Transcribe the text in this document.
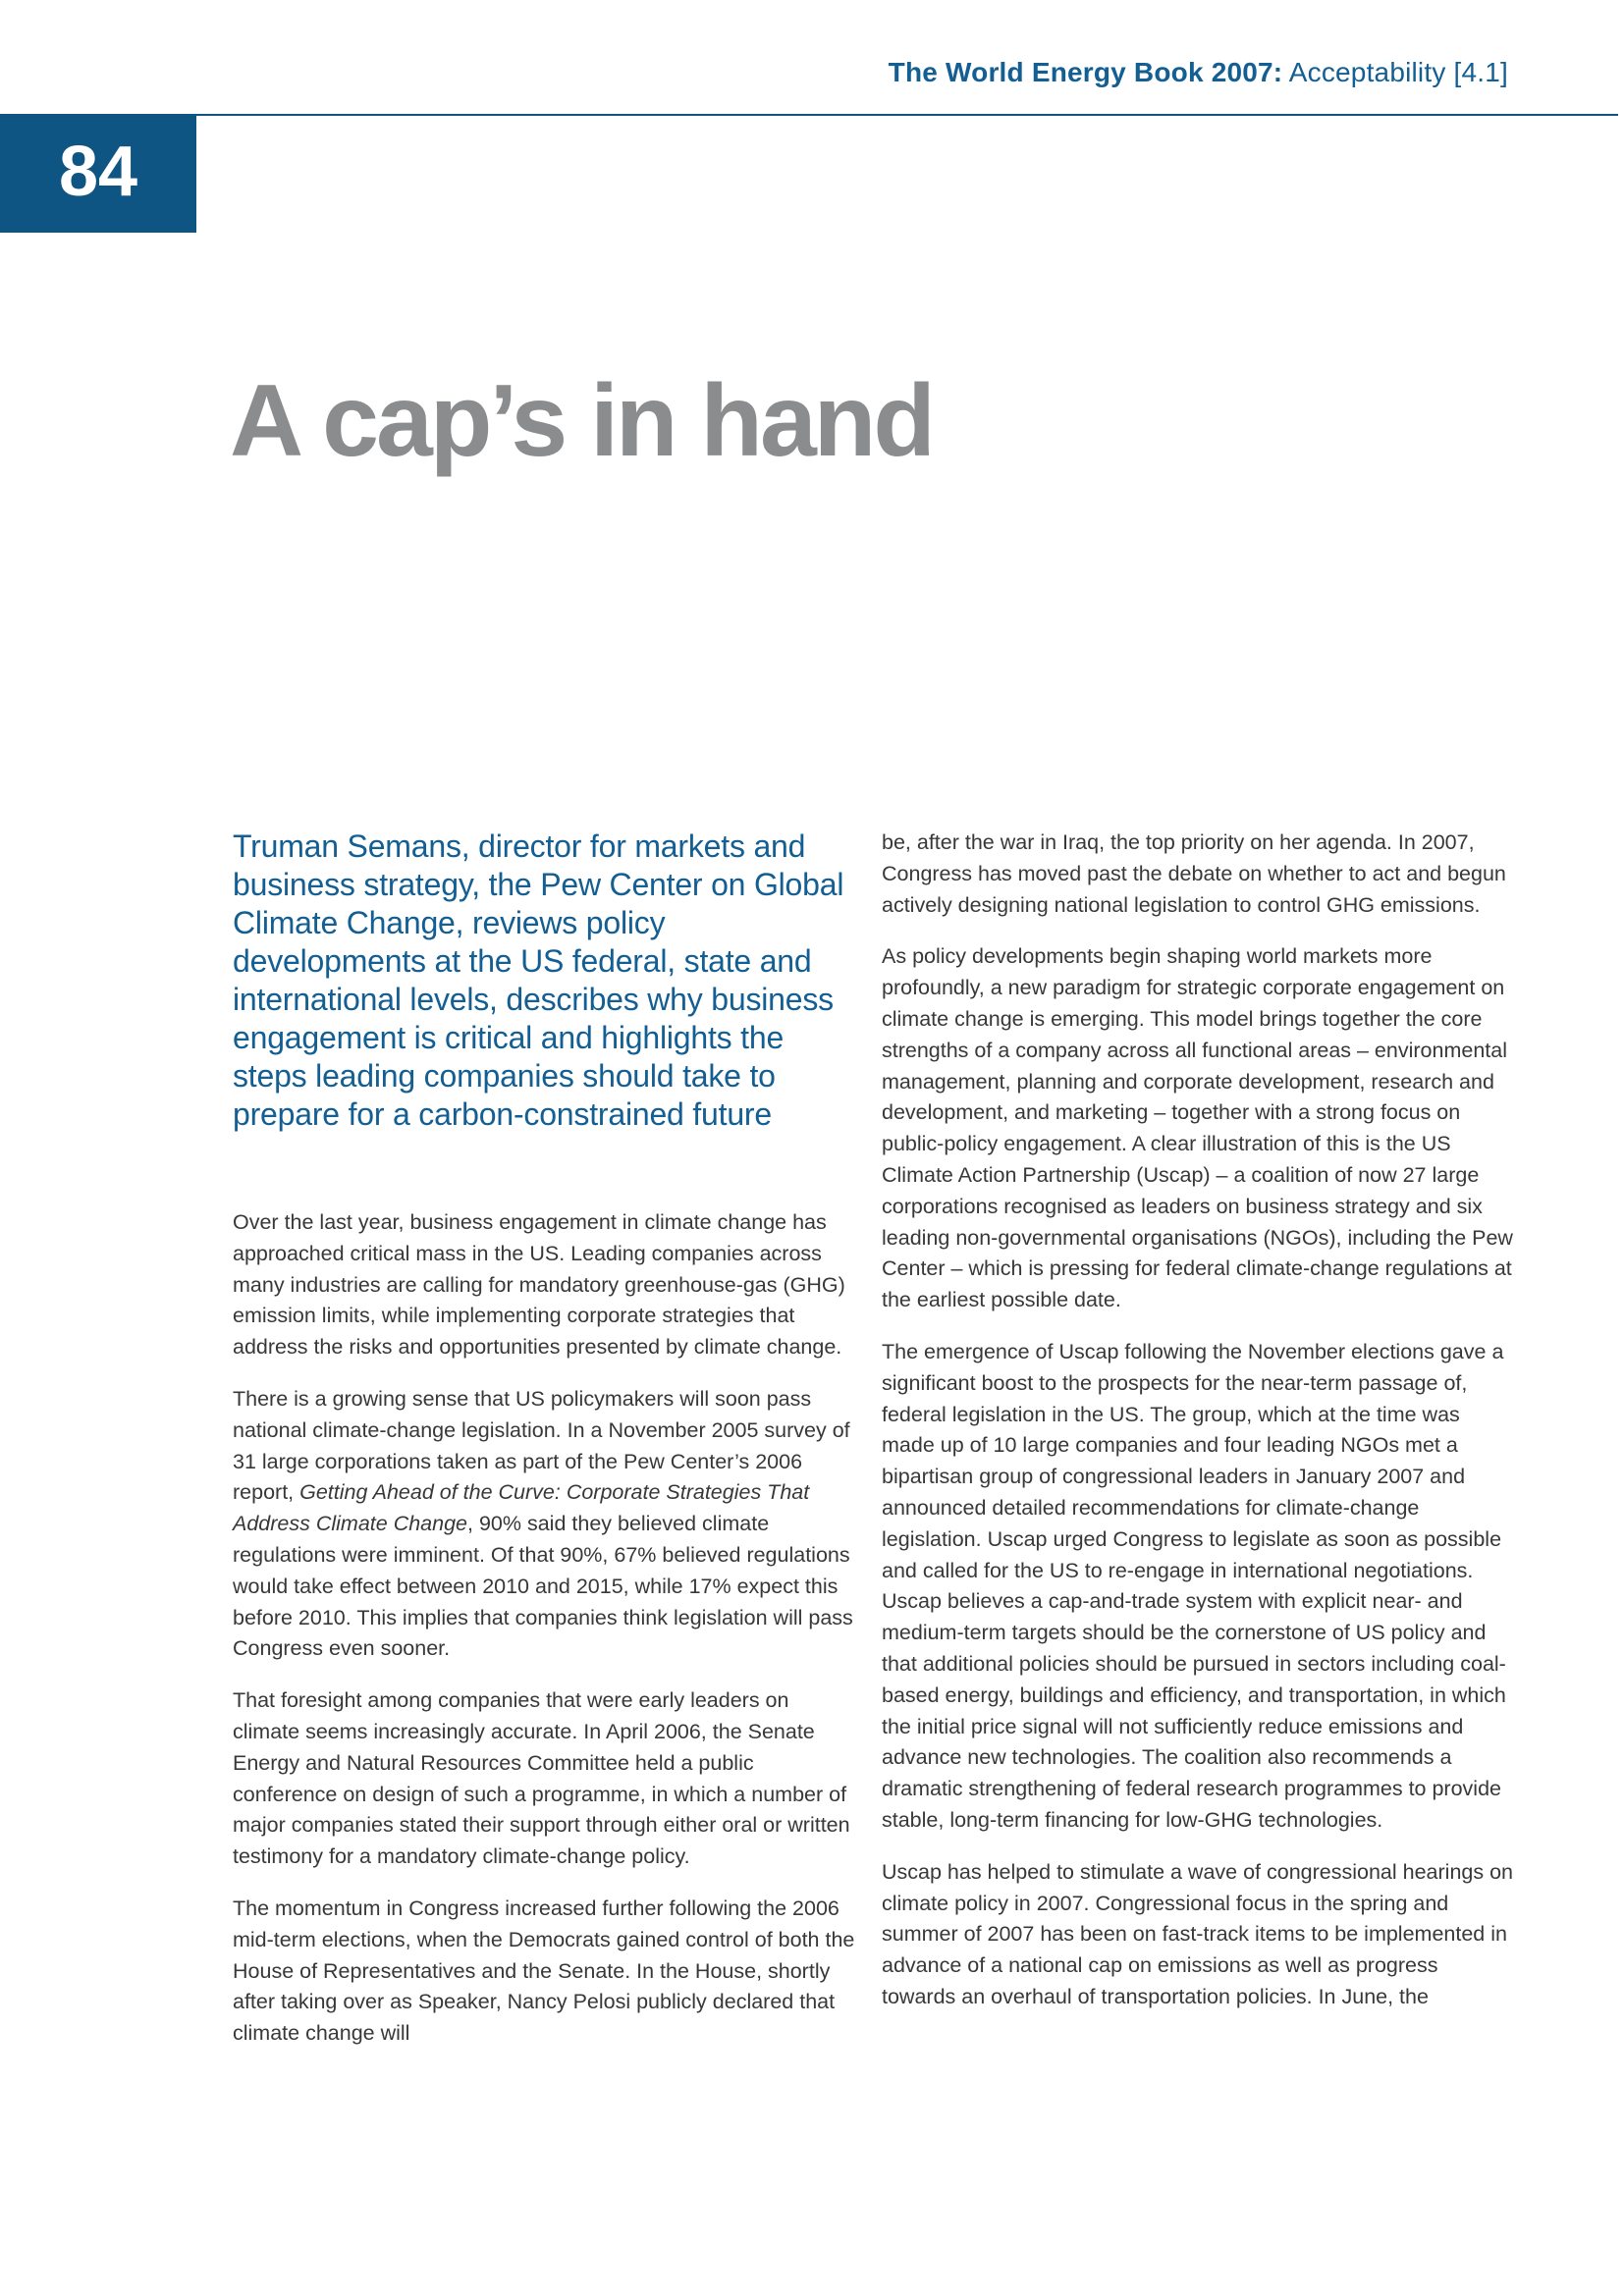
The World Energy Book 2007: Acceptability [4.1]
84
A cap’s in hand

Truman Semans, director for markets and business strategy, the Pew Center on Global Climate Change, reviews policy developments at the US federal, state and international levels, describes why business engagement is critical and highlights the steps leading companies should take to prepare for a carbon-constrained future

Over the last year, business engagement in climate change has approached critical mass in the US. Leading companies across many industries are calling for mandatory greenhouse-gas (GHG) emission limits, while implementing corporate strategies that address the risks and opportunities presented by climate change.

There is a growing sense that US policymakers will soon pass national climate-change legislation. In a November 2005 survey of 31 large corporations taken as part of the Pew Center’s 2006 report, Getting Ahead of the Curve: Corporate Strategies That Address Climate Change, 90% said they believed climate regulations were imminent. Of that 90%, 67% believed regulations would take effect between 2010 and 2015, while 17% expect this before 2010. This implies that companies think legislation will pass Congress even sooner.

That foresight among companies that were early leaders on climate seems increasingly accurate. In April 2006, the Senate Energy and Natural Resources Committee held a public conference on design of such a programme, in which a number of major companies stated their support through either oral or written testimony for a mandatory climate-change policy.

The momentum in Congress increased further following the 2006 mid-term elections, when the Democrats gained control of both the House of Representatives and the Senate. In the House, shortly after taking over as Speaker, Nancy Pelosi publicly declared that climate change will

be, after the war in Iraq, the top priority on her agenda. In 2007, Congress has moved past the debate on whether to act and begun actively designing national legislation to control GHG emissions.

As policy developments begin shaping world markets more profoundly, a new paradigm for strategic corporate engagement on climate change is emerging. This model brings together the core strengths of a company across all functional areas – environmental management, planning and corporate development, research and development, and marketing – together with a strong focus on public-policy engagement. A clear illustration of this is the US Climate Action Partnership (Uscap) – a coalition of now 27 large corporations recognised as leaders on business strategy and six leading non-governmental organisations (NGOs), including the Pew Center – which is pressing for federal climate-change regulations at the earliest possible date.

The emergence of Uscap following the November elections gave a significant boost to the prospects for the near-term passage of, federal legislation in the US. The group, which at the time was made up of 10 large companies and four leading NGOs met a bipartisan group of congressional leaders in January 2007 and announced detailed recommendations for climate-change legislation. Uscap urged Congress to legislate as soon as possible and called for the US to re-engage in international negotiations. Uscap believes a cap-and-trade system with explicit near- and medium-term targets should be the cornerstone of US policy and that additional policies should be pursued in sectors including coal-based energy, buildings and efficiency, and transportation, in which the initial price signal will not sufficiently reduce emissions and advance new technologies. The coalition also recommends a dramatic strengthening of federal research programmes to provide stable, long-term financing for low-GHG technologies.

Uscap has helped to stimulate a wave of congressional hearings on climate policy in 2007. Congressional focus in the spring and summer of 2007 has been on fast-track items to be implemented in advance of a national cap on emissions as well as progress towards an overhaul of transportation policies. In June, the
